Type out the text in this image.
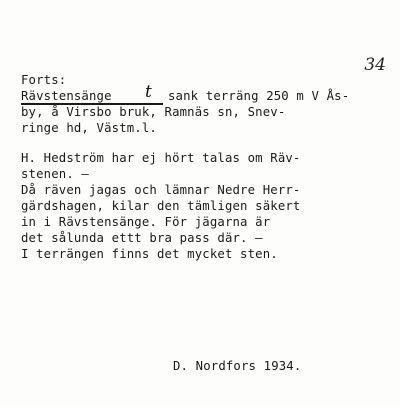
34
Forts:
Rävstensänge t sank terräng 250 m V Ås-
by, å Virsbo bruk, Ramnäs sn, Snev-
ringe hd, Västm.l.
H. Hedström har ej hört talas om Räv-
stenen. –
Då räven jagas och lämnar Nedre Herr-
gärdshagen, kilar den tämligen säkert
in i Rävstensänge. För jägarna är
det sålunda ettt bra pass där. –
I terrängen finns det mycket sten.
D. Nordfors 1934.
